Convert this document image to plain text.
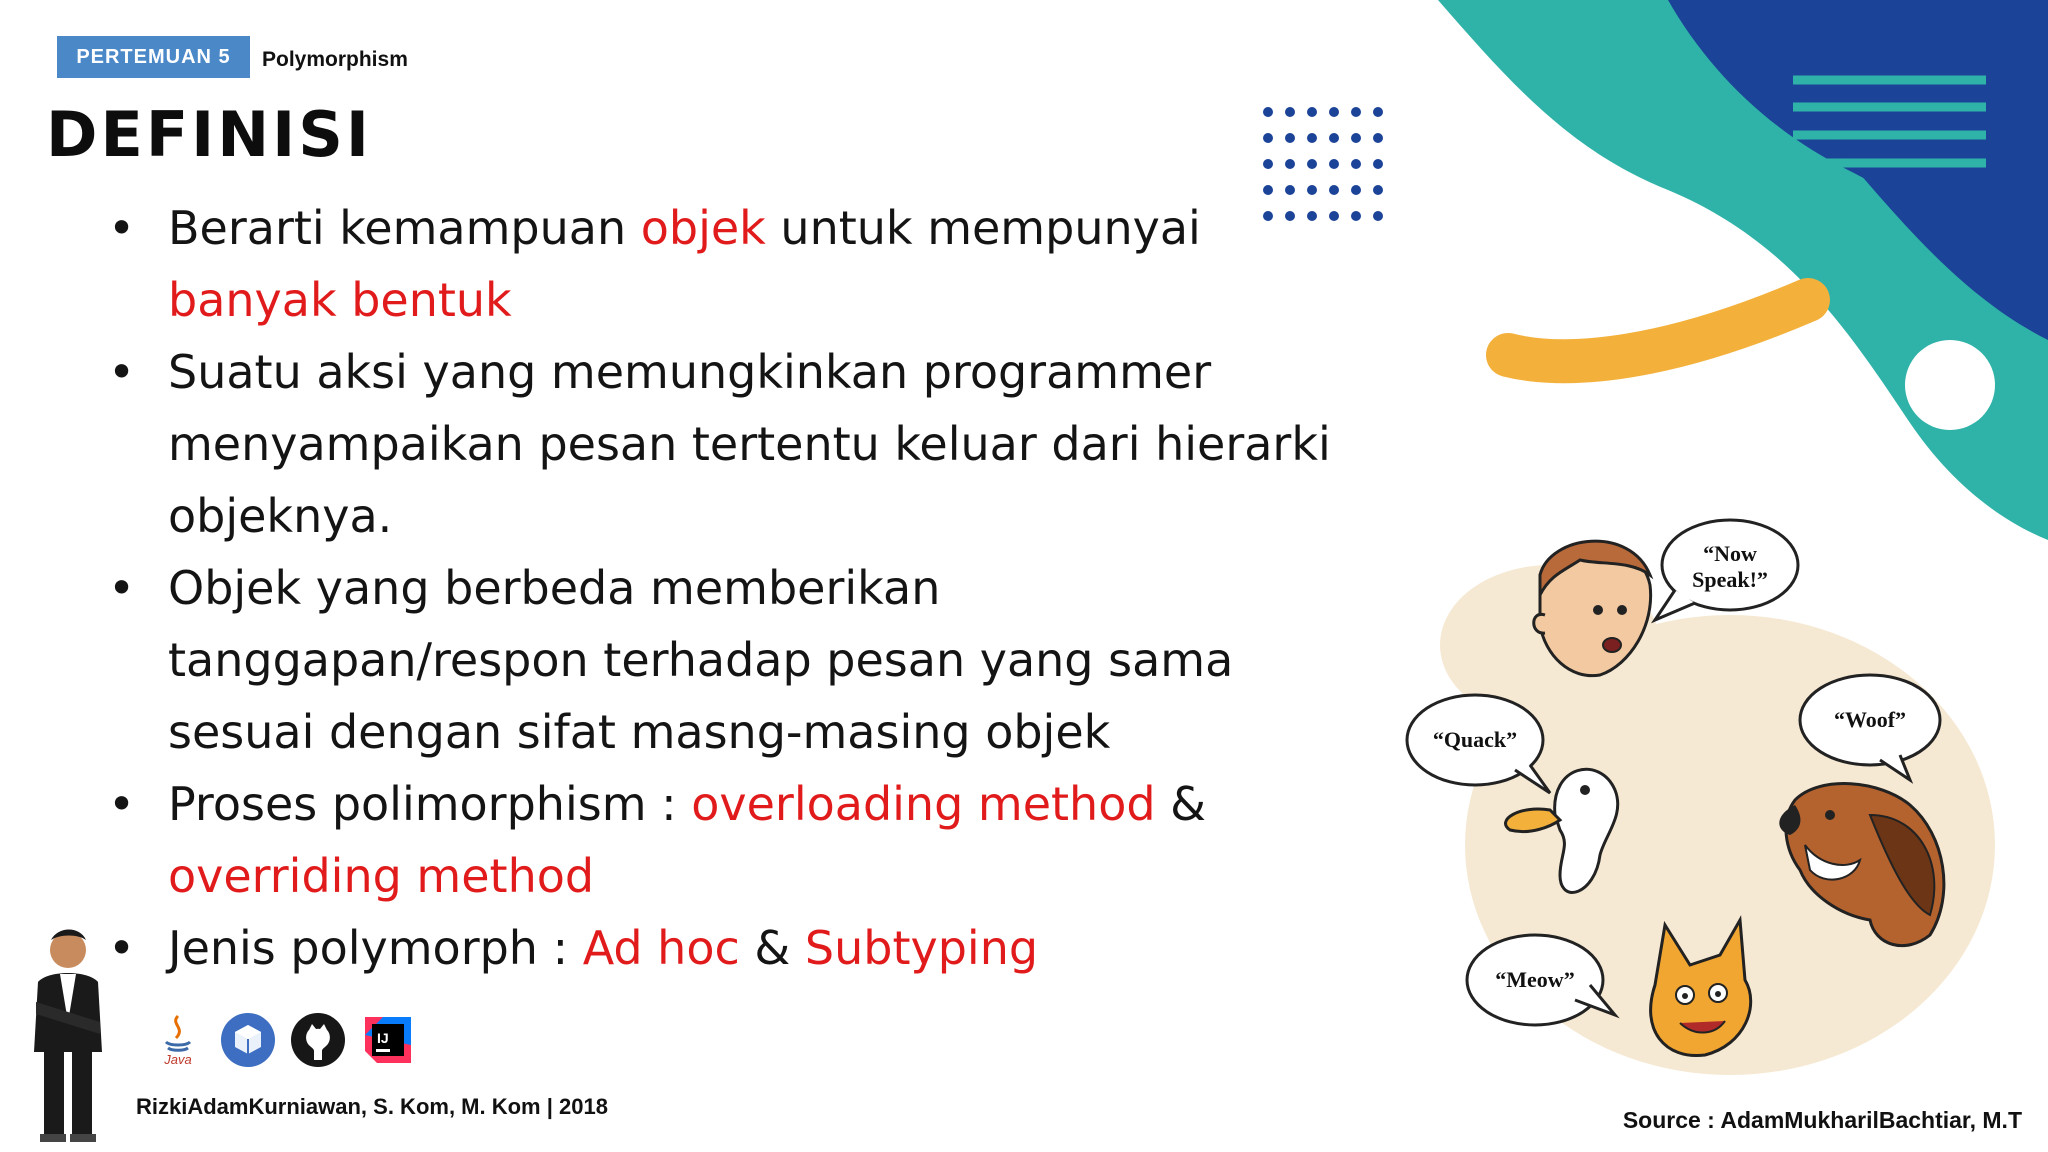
PERTEMUAN 5	Polymorphism
DEFINISI
• Berarti kemampuan objek untuk mempunyai
banyak bentuk
• Suatu aksi yang memungkinkan programmer
menyampaikan pesan tertentu keluar dari hierarki
objeknya.
• Objek yang berbeda memberikan
tanggapan/respon terhadap pesan yang sama
sesuai dengan sifat masng-masing objek
• Proses polimorphism : overloading method &
overriding method
• Jenis polymorph : Ad hoc & Subtyping
“Now
Speak!”
“Quack”
“Woof”
“Meow”
Java
IJ
RizkiAdamKurniawan, S. Kom, M. Kom | 2018
Source : AdamMukharilBachtiar, M.T
